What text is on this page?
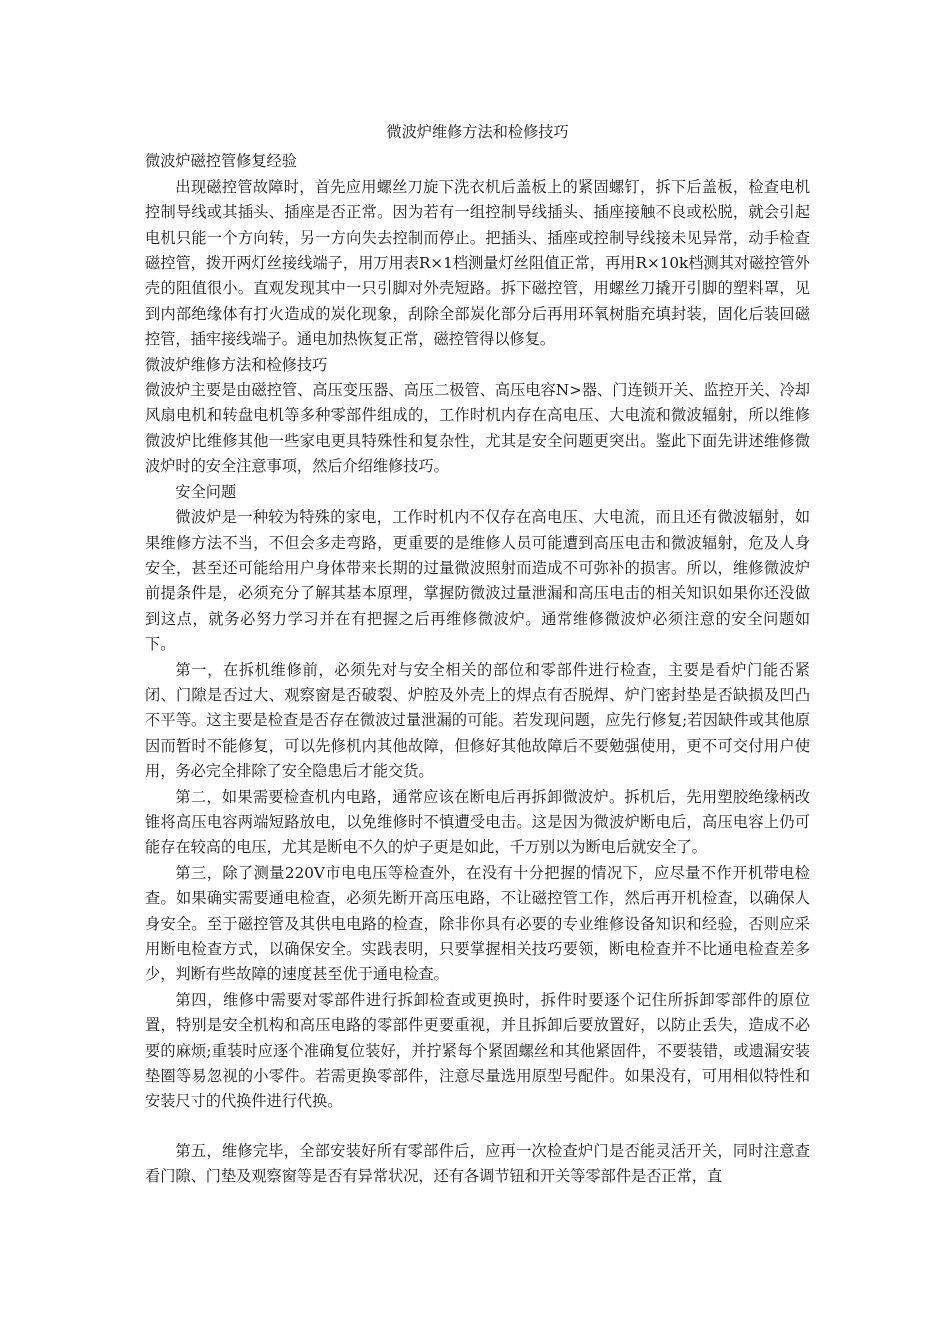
微波炉维修方法和检修技巧

微波炉磁控管修复经验

出现磁控管故障时，首先应用螺丝刀旋下洗衣机后盖板上的紧固螺钉，拆下后盖板，检查电机控制导线或其插头、插座是否正常。因为若有一组控制导线插头、插座接触不良或松脱，就会引起电机只能一个方向转，另一方向失去控制而停止。把插头、插座或控制导线接未见异常，动手检查磁控管，拨开两灯丝接线端子，用万用表R×1档测量灯丝阻值正常，再用R×10k档测其对磁控管外壳的阻值很小。直观发现其中一只引脚对外壳短路。拆下磁控管，用螺丝刀撬开引脚的塑料罩，见到内部绝缘体有打火造成的炭化现象，刮除全部炭化部分后再用环氧树脂充填封装，固化后装回磁控管，插牢接线端子。通电加热恢复正常，磁控管得以修复。

微波炉维修方法和检修技巧

微波炉主要是由磁控管、高压变压器、高压二极管、高压电容N>器、门连锁开关、监控开关、冷却风扇电机和转盘电机等多种零部件组成的，工作时机内存在高电压、大电流和微波辐射，所以维修微波炉比维修其他一些家电更具特殊性和复杂性，尤其是安全问题更突出。鉴此下面先讲述维修微波炉时的安全注意事项，然后介绍维修技巧。

安全问题

微波炉是一种较为特殊的家电，工作时机内不仅存在高电压、大电流，而且还有微波辐射，如果维修方法不当，不但会多走弯路，更重要的是维修人员可能遭到高压电击和微波辐射，危及人身安全，甚至还可能给用户身体带来长期的过量微波照射而造成不可弥补的损害。所以，维修微波炉前提条件是，必须充分了解其基本原理，掌握防微波过量泄漏和高压电击的相关知识如果你还没做到这点，就务必努力学习并在有把握之后再维修微波炉。通常维修微波炉必须注意的安全问题如下。

第一，在拆机维修前，必须先对与安全相关的部位和零部件进行检查，主要是看炉门能否紧闭、门隙是否过大、观察窗是否破裂、炉腔及外壳上的焊点有否脱焊、炉门密封垫是否缺损及凹凸不平等。这主要是检查是否存在微波过量泄漏的可能。若发现问题，应先行修复;若因缺件或其他原因而暂时不能修复，可以先修机内其他故障，但修好其他故障后不要勉强使用，更不可交付用户使用，务必完全排除了安全隐患后才能交货。

第二，如果需要检查机内电路，通常应该在断电后再拆卸微波炉。拆机后，先用塑胶绝缘柄改锥将高压电容两端短路放电，以免维修时不慎遭受电击。这是因为微波炉断电后，高压电容上仍可能存在较高的电压，尤其是断电不久的炉子更是如此，千万别以为断电后就安全了。

第三，除了测量220V市电电压等检查外，在没有十分把握的情况下，应尽量不作开机带电检查。如果确实需要通电检查，必须先断开高压电路，不让磁控管工作，然后再开机检查，以确保人身安全。至于磁控管及其供电电路的检查，除非你具有必要的专业维修设备知识和经验，否则应采用断电检查方式，以确保安全。实践表明，只要掌握相关技巧要领，断电检查并不比通电检查差多少，判断有些故障的速度甚至优于通电检查。

第四，维修中需要对零部件进行拆卸检查或更换时，拆件时要逐个记住所拆卸零部件的原位置，特别是安全机构和高压电路的零部件更要重视，并且拆卸后要放置好，以防止丢失，造成不必要的麻烦;重装时应逐个准确复位装好，并拧紧每个紧固螺丝和其他紧固件，不要装错，或遗漏安装垫圈等易忽视的小零件。若需更换零部件，注意尽量选用原型号配件。如果没有，可用相似特性和安装尺寸的代换件进行代换。

第五，维修完毕，全部安装好所有零部件后，应再一次检查炉门是否能灵活开关，同时注意查看门隙、门垫及观察窗等是否有异常状况，还有各调节钮和开关等零部件是否正常，直
